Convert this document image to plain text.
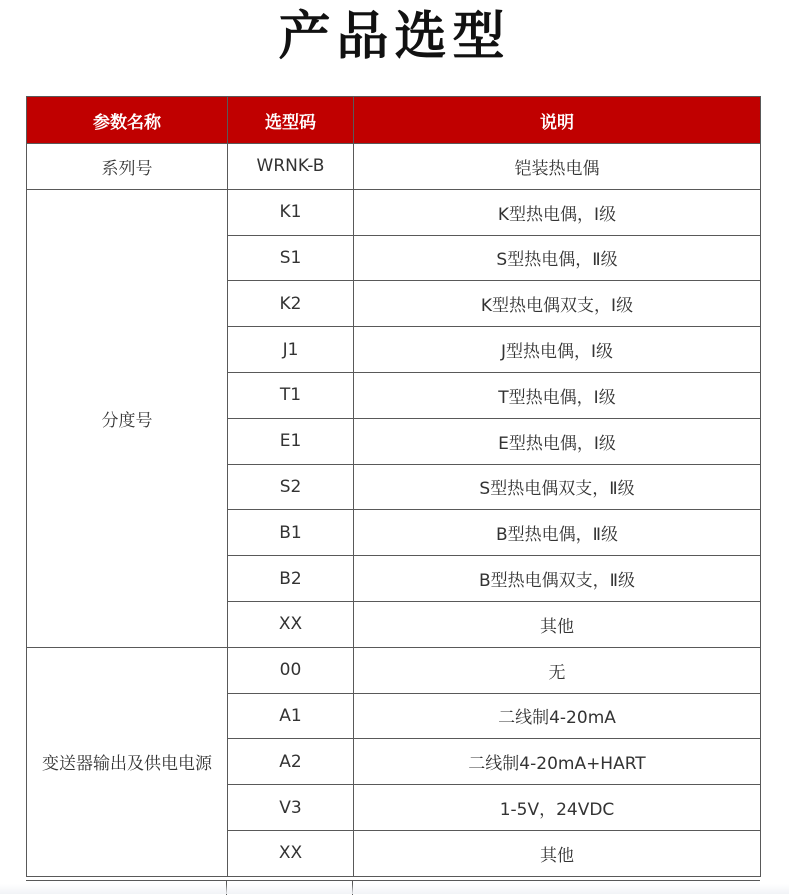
产品选型
参数名称	选型码	说明
系列号	WRNK-B	铠装热电偶
分度号	K1	K型热电偶，Ⅰ级
	S1	S型热电偶，Ⅱ级
	K2	K型热电偶双支，Ⅰ级
	J1	J型热电偶，Ⅰ级
	T1	T型热电偶，Ⅰ级
	E1	E型热电偶，Ⅰ级
	S2	S型热电偶双支，Ⅱ级
	B1	B型热电偶，Ⅱ级
	B2	B型热电偶双支，Ⅱ级
	XX	其他
变送器输出及供电电源	00	无
	A1	二线制4-20mA
	A2	二线制4-20mA+HART
	V3	1-5V，24VDC
	XX	其他
